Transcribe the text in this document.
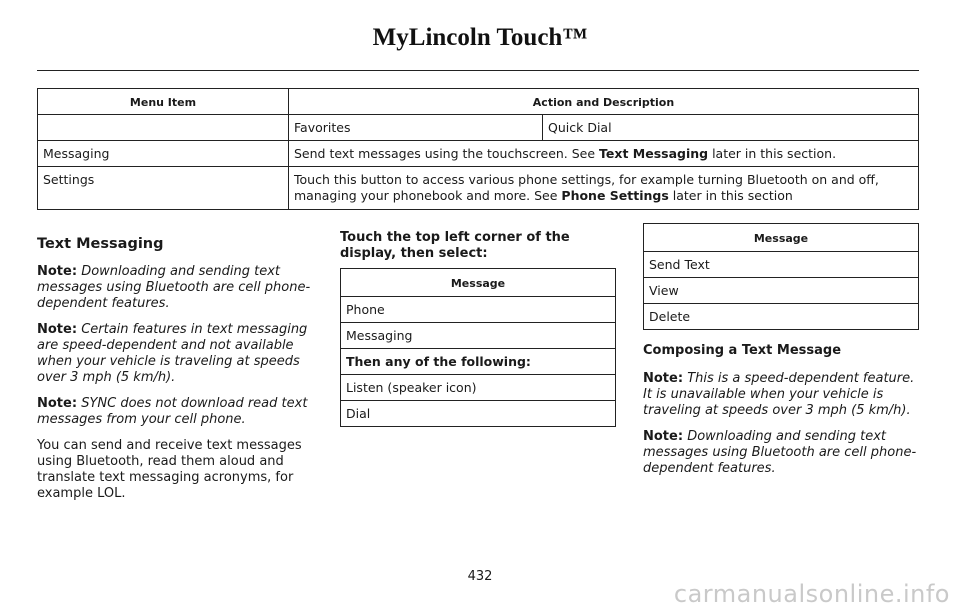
MyLincoln Touch™
Menu Item	Action and Description	
	Favorites	Quick Dial
Messaging	Send text messages using the touchscreen. See Text Messaging later in this section.	
Settings	Touch this button to access various phone settings, for example turning Bluetooth on and off, managing your phonebook and more. See Phone Settings later in this section	
Text Messaging

Note: Downloading and sending text messages using Bluetooth are cell phone-dependent features.

Note: Certain features in text messaging are speed-dependent and not available when your vehicle is traveling at speeds over 3 mph (5 km/h).

Note: SYNC does not download read text messages from your cell phone.

You can send and receive text messages using Bluetooth, read them aloud and translate text messaging acronyms, for example LOL.

Touch the top left corner of the display, then select:

Message
Phone
Messaging
Then any of the following:
Listen (speaker icon)
Dial
Message
Send Text
View
Delete

Composing a Text Message

Note: This is a speed-dependent feature. It is unavailable when your vehicle is traveling at speeds over 3 mph (5 km/h).

Note: Downloading and sending text messages using Bluetooth are cell phone-dependent features.

432
carmanualsonline.info
